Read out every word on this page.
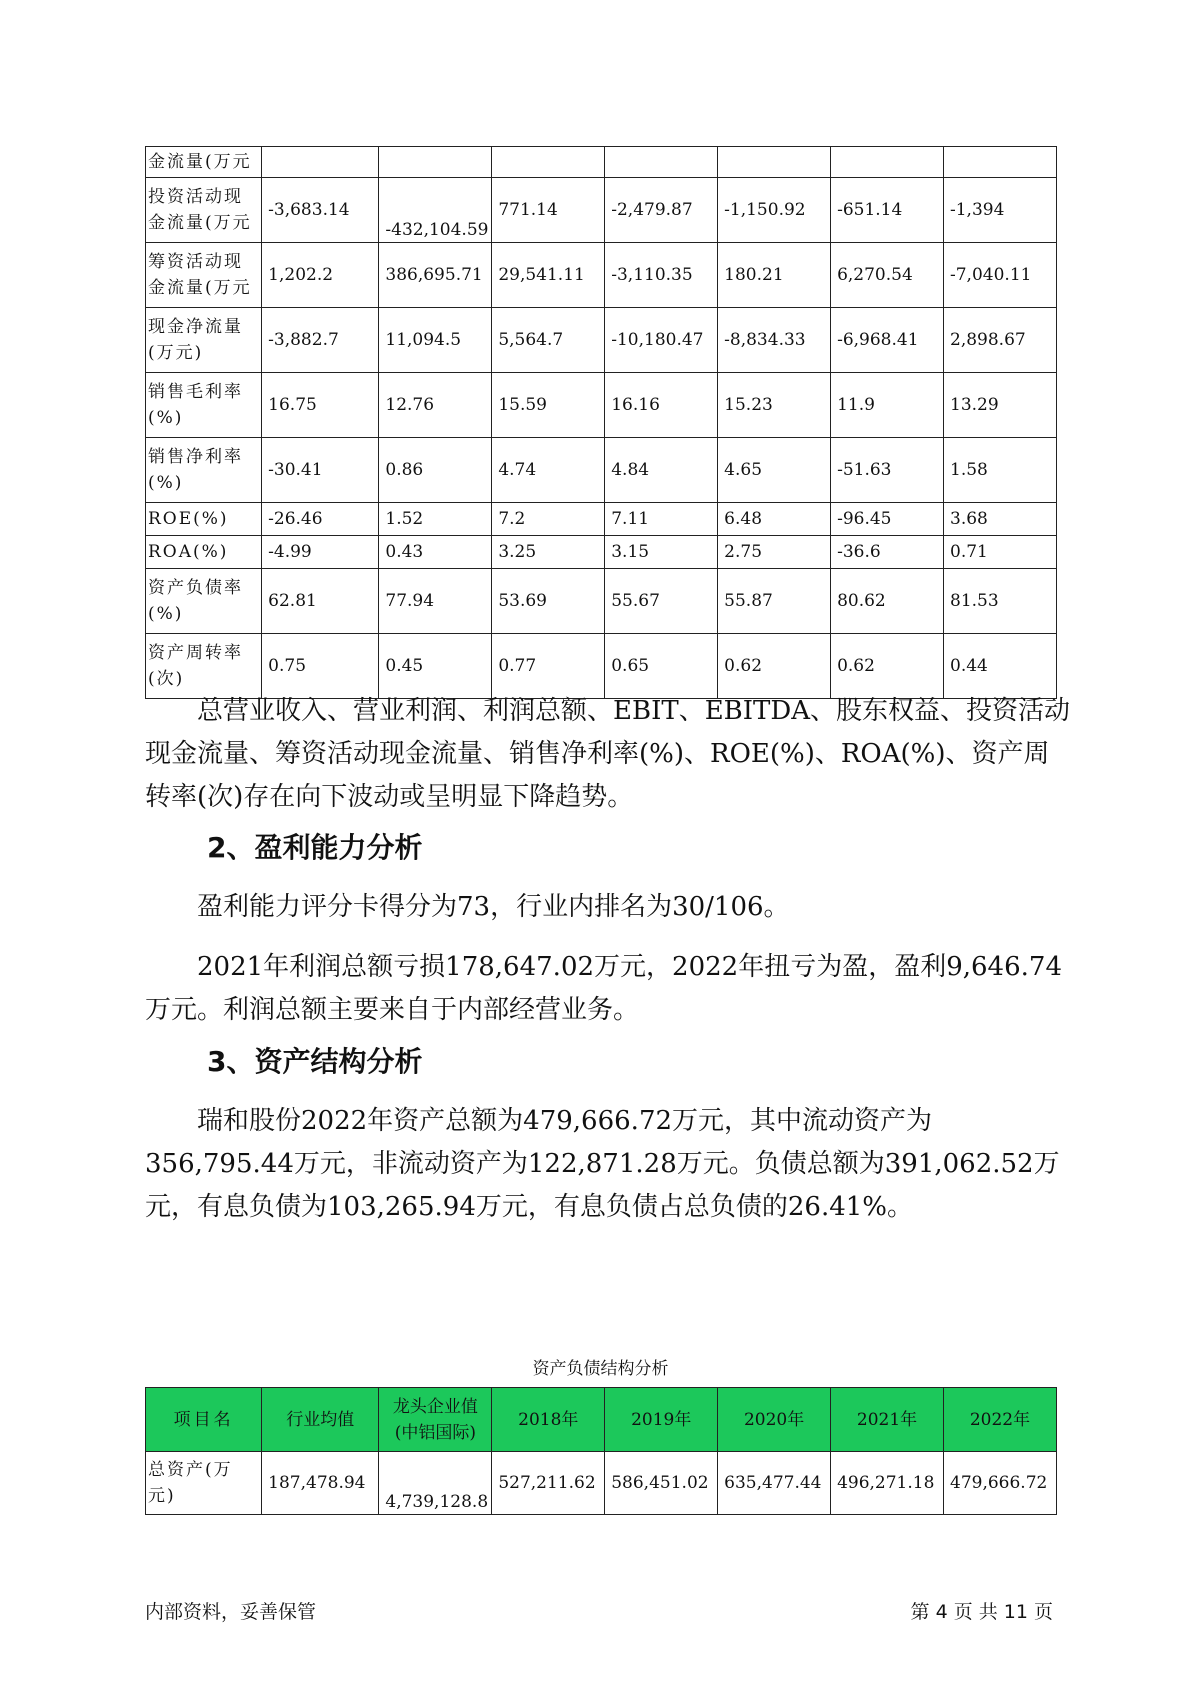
金流量(万元							
投资活动现金流量(万元	-3,683.14	-432,104.59	771.14	-2,479.87	-1,150.92	-651.14	-1,394
筹资活动现金流量(万元	1,202.2	386,695.71	29,541.11	-3,110.35	180.21	6,270.54	-7,040.11
现金净流量(万元)	-3,882.7	11,094.5	5,564.7	-10,180.47	-8,834.33	-6,968.41	2,898.67
销售毛利率(%)	16.75	12.76	15.59	16.16	15.23	11.9	13.29
销售净利率(%)	-30.41	0.86	4.74	4.84	4.65	-51.63	1.58
ROE(%)	-26.46	1.52	7.2	7.11	6.48	-96.45	3.68
ROA(%)	-4.99	0.43	3.25	3.15	2.75	-36.6	0.71
资产负债率(%)	62.81	77.94	53.69	55.67	55.87	80.62	81.53
资产周转率(次)	0.75	0.45	0.77	0.65	0.62	0.62	0.44

总营业收入、营业利润、利润总额、EBIT、EBITDA、股东权益、投资活动现金流量、筹资活动现金流量、销售净利率(%)、ROE(%)、ROA(%)、资产周转率(次)存在向下波动或呈明显下降趋势。

2、盈利能力分析

盈利能力评分卡得分为73，行业内排名为30/106。

2021年利润总额亏损178,647.02万元，2022年扭亏为盈，盈利9,646.74万元。利润总额主要来自于内部经营业务。

3、资产结构分析

瑞和股份2022年资产总额为479,666.72万元，其中流动资产为356,795.44万元，非流动资产为122,871.28万元。负债总额为391,062.52万元，有息负债为103,265.94万元，有息负债占总负债的26.41%。

资产负债结构分析
项目名	行业均值	龙头企业值(中铝国际)	2018年	2019年	2020年	2021年	2022年
总资产(万元)	187,478.94	4,739,128.8	527,211.62	586,451.02	635,477.44	496,271.18	479,666.72
内部资料，妥善保管	第 4 页 共 11 页
